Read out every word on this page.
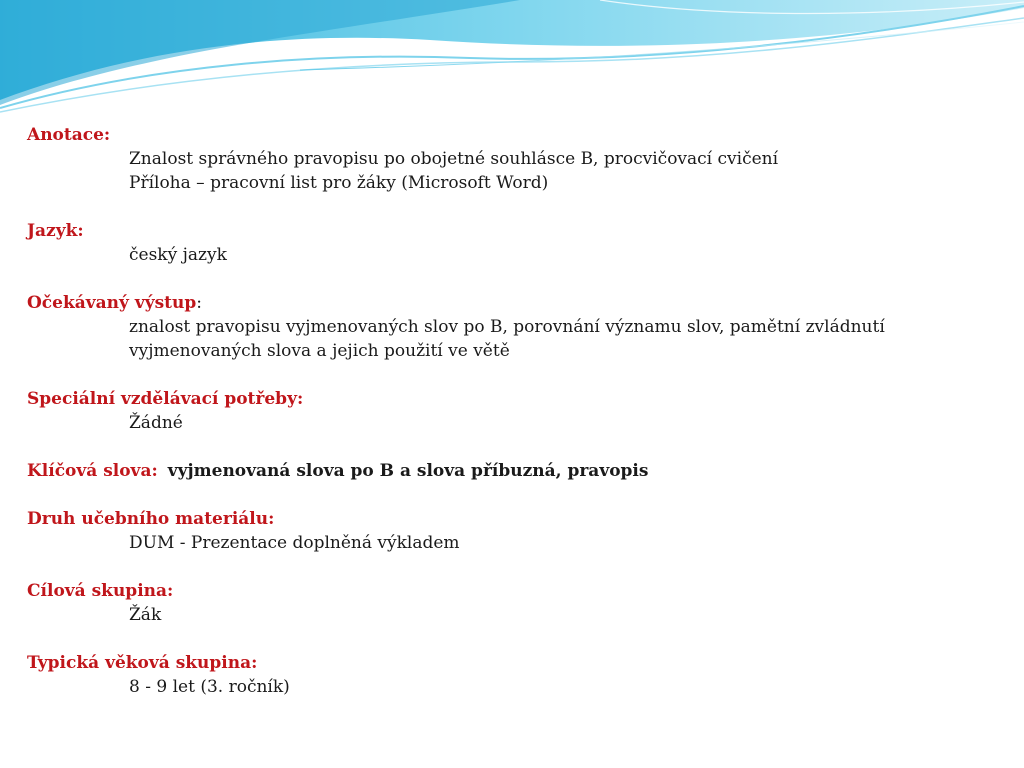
Anotace:
Znalost správného pravopisu po obojetné souhlásce B, procvičovací cvičení
Příloha – pracovní list pro žáky (Microsoft Word)
Jazyk:
český jazyk
Očekávaný výstup:
znalost pravopisu vyjmenovaných slov po B, porovnání významu slov, pamětní zvládnutí
vyjmenovaných slova a jejich použití ve větě
Speciální vzdělávací potřeby:
Žádné
Klíčová slova: vyjmenovaná slova po B a slova příbuzná, pravopis
Druh učebního materiálu:
DUM - Prezentace doplněná výkladem
Cílová skupina:
Žák
Typická věková skupina:
8 - 9 let (3. ročník)
